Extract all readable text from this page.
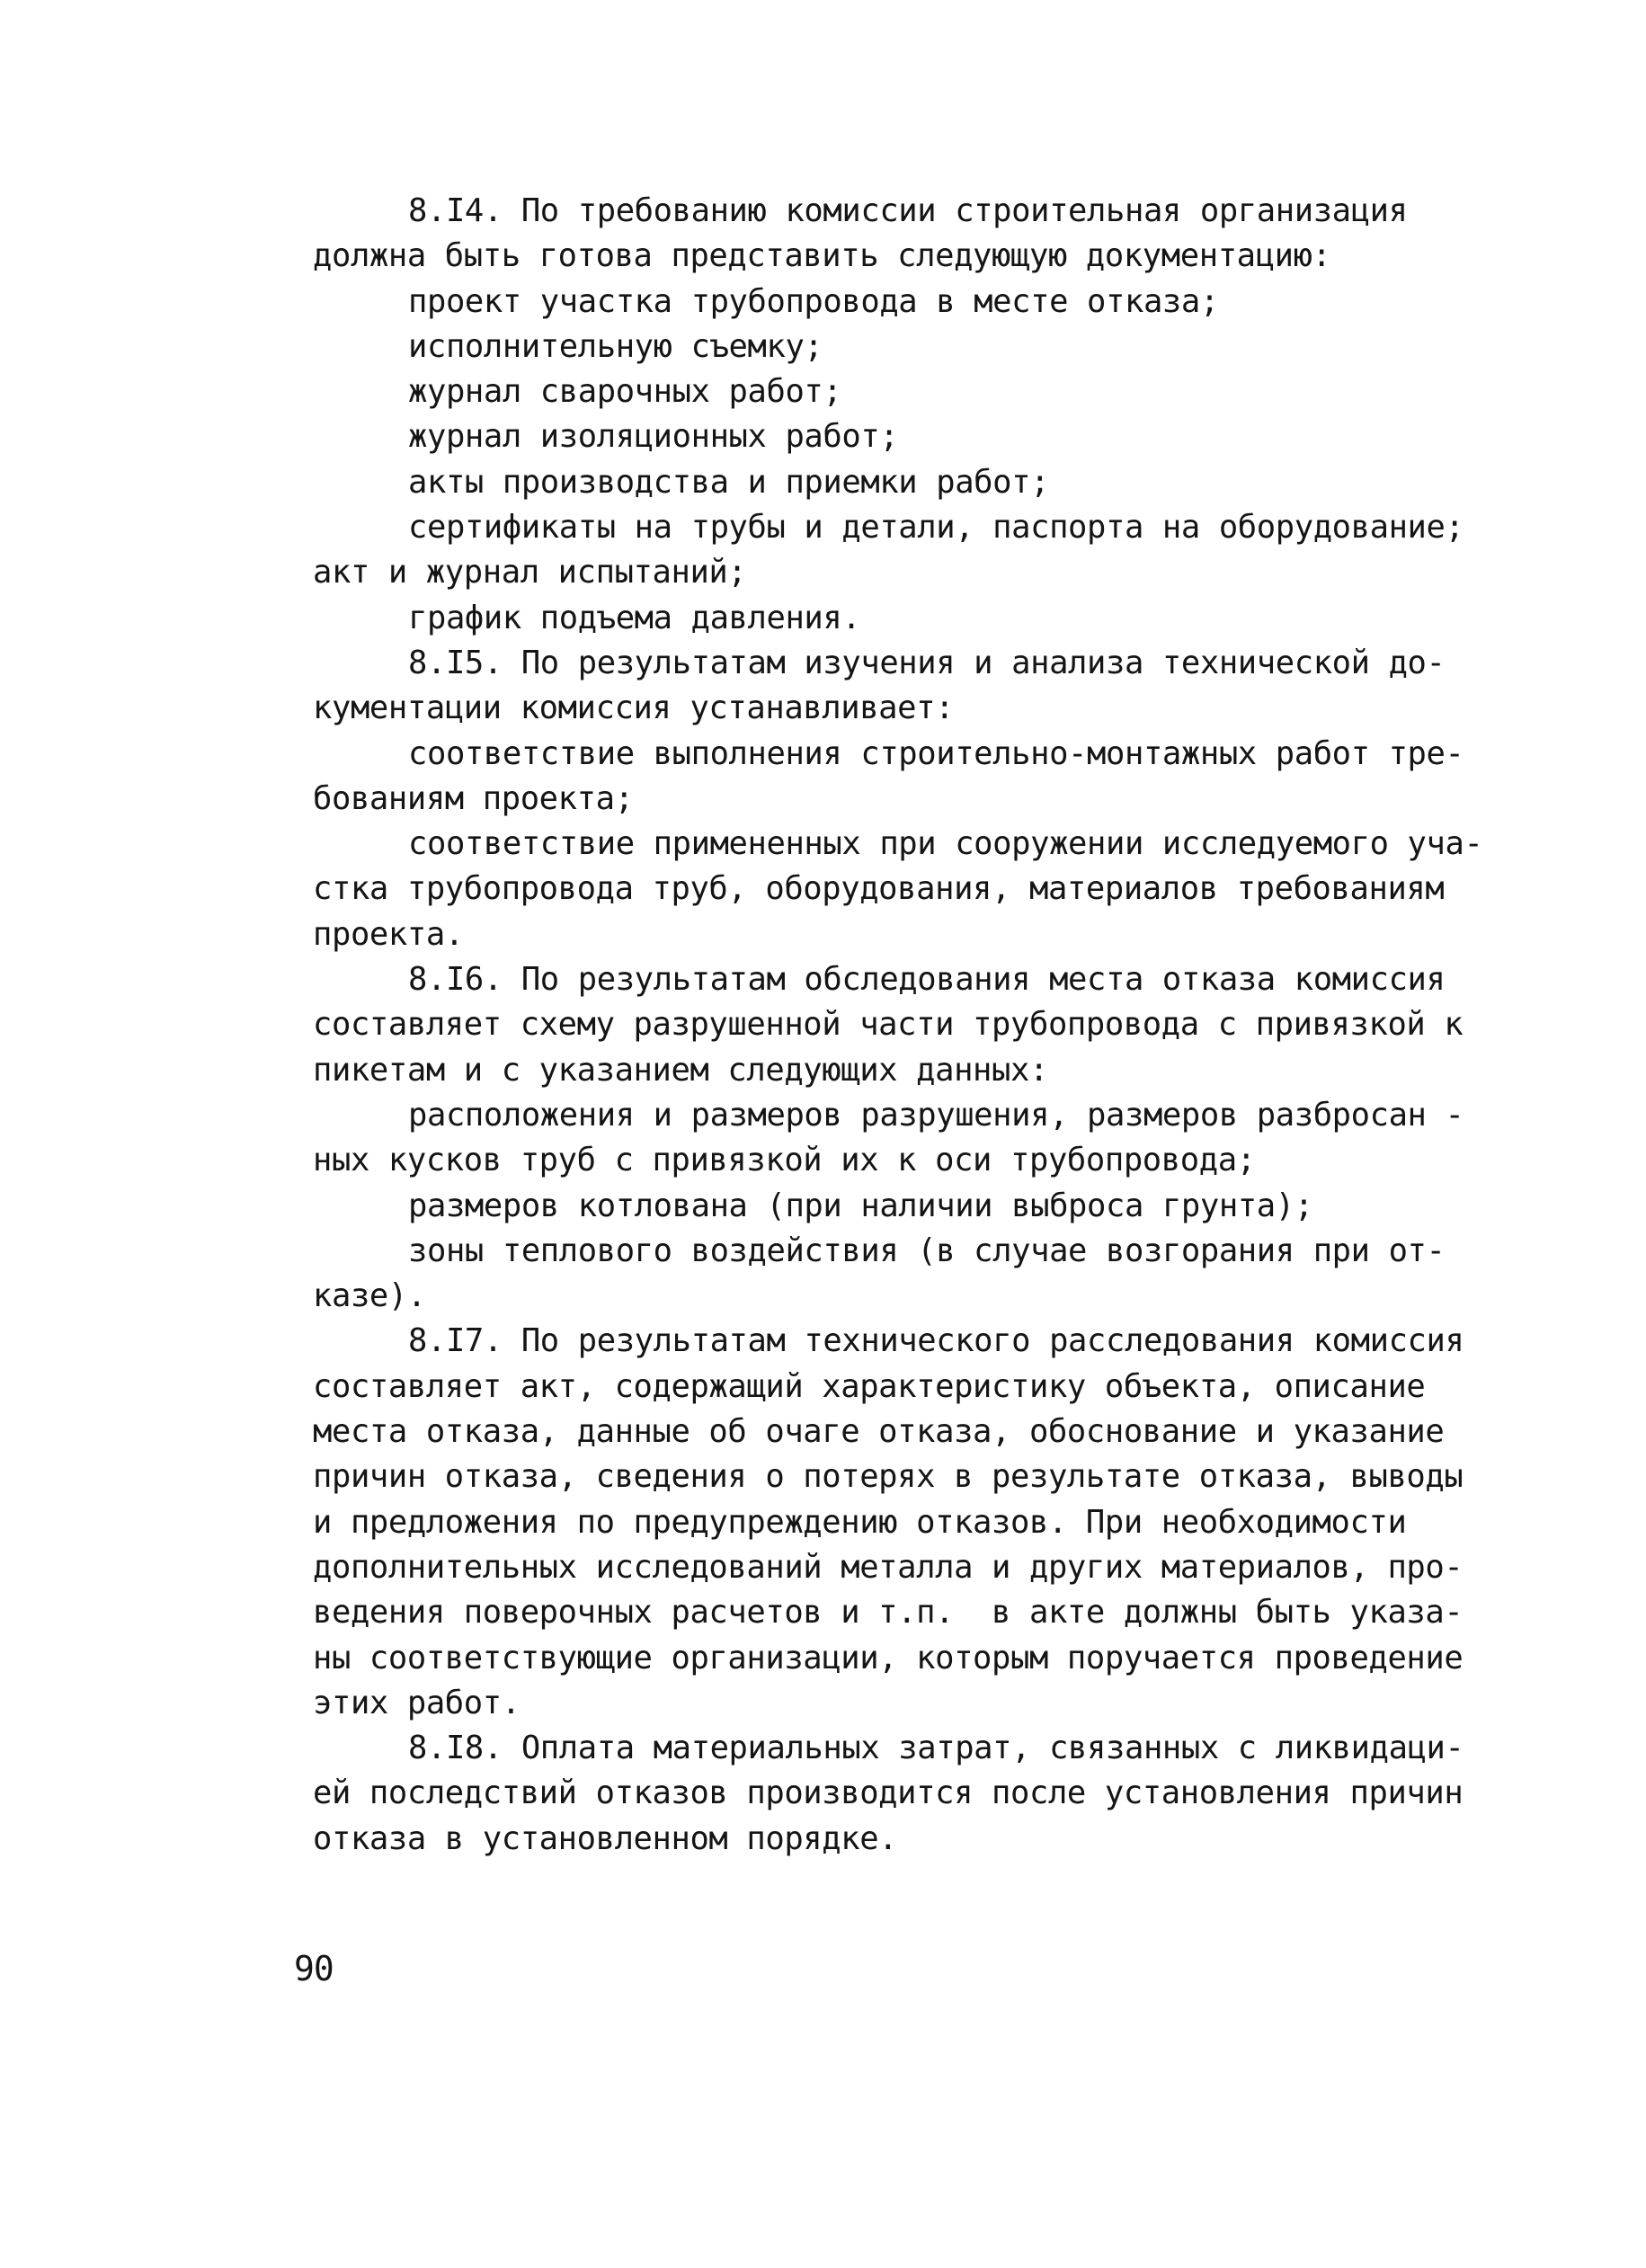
8.I4. По требованию комиссии строительная организация
должна быть готова представить следующую документацию:
проект участка трубопровода в месте отказа;
исполнительную съемку;
журнал сварочных работ;
журнал изоляционных работ;
акты производства и приемки работ;
сертификаты на трубы и детали, паспорта на оборудование;
акт и журнал испытаний;
график подъема давления.
8.I5. По результатам изучения и анализа технической до-
кументации комиссия устанавливает:
соответствие выполнения строительно-монтажных работ тре-
бованиям проекта;
соответствие примененных при сооружении исследуемого уча-
стка трубопровода труб, оборудования, материалов требованиям
проекта.
8.I6. По результатам обследования места отказа комиссия
составляет схему разрушенной части трубопровода с привязкой к
пикетам и с указанием следующих данных:
расположения и размеров разрушения, размеров разбросан -
ных кусков труб с привязкой их к оси трубопровода;
размеров котлована (при наличии выброса грунта);
зоны теплового воздействия (в случае возгорания при от-
казе).
8.I7. По результатам технического расследования комиссия
составляет акт, содержащий характеристику объекта, описание
места отказа, данные об очаге отказа, обоснование и указание
причин отказа, сведения о потерях в результате отказа, выводы
и предложения по предупреждению отказов. При необходимости
дополнительных исследований металла и других материалов, про-
ведения поверочных расчетов и т.п.  в акте должны быть указа-
ны соответствующие организации, которым поручается проведение
этих работ.
8.I8. Оплата материальных затрат, связанных с ликвидаци-
ей последствий отказов производится после установления причин
отказа в установленном порядке.
90
